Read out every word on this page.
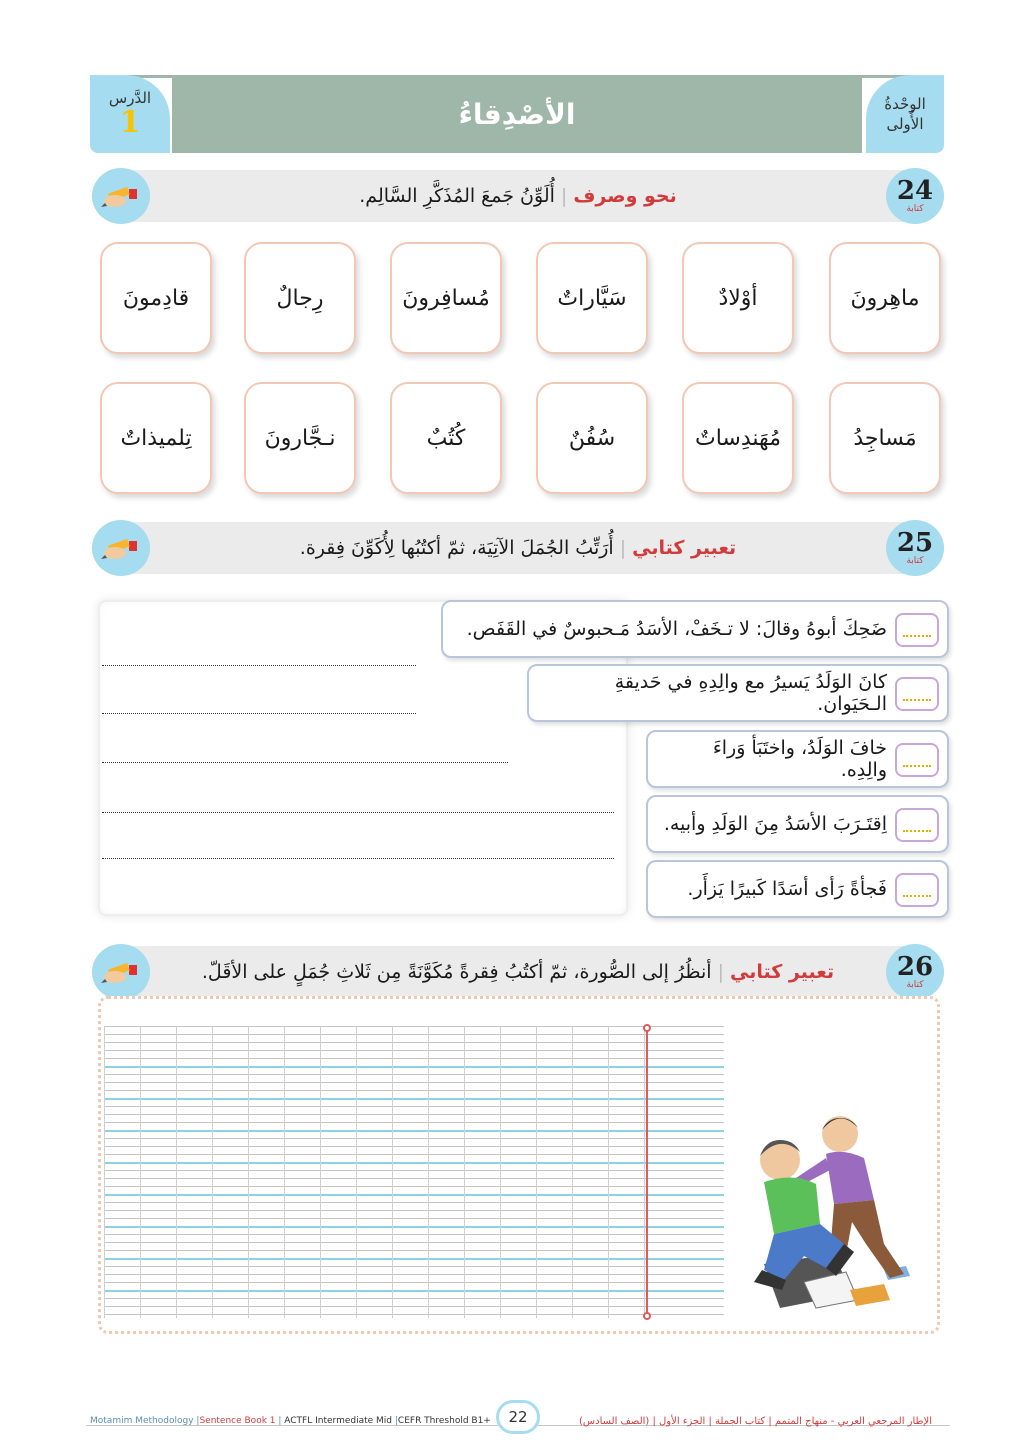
الدَّرس
1	الأصْدِقاءُ	الوحْدةُ
الأُولى
نحو وصرف
|
أُلَوِّنُ جَمعَ المُذَكَّرِ السَّالِم.	24
كتابة
ماهِرونَ
أوْلادٌ
سَيَّاراتٌ
مُسافِرونَ
رِجالٌ
قادِمونَ
مَساجِدُ
مُهَندِساتٌ
سُفُنٌ
كُتُبٌ
نـجَّارونَ
تِلميذاتٌ
تعبير كتابي
|
أُرَتِّبُ الجُمَلَ الآتِيَة، ثمّ أكتُبُها لِأُكَوِّنَ فِقرة.	25
كتابة
ضَحِكَ أبوهُ وقالَ: لا تـخَفْ، الأسَدُ مَـحبوسٌ في القَفَص.
كانَ الوَلَدُ يَسيرُ مع والِدِهِ في حَديقةِ الـحَيَوان.
خافَ الوَلَدُ، واختَبَأ وَراءَ والِدِه.
اِقتَـرَبَ الأسَدُ مِنَ الوَلَدِ وأبيه.
فَجأةً رَأى أسَدًا كَبيرًا يَزأَر.
تعبير كتابي
|
أنظُرُ إلى الصُّورة، ثمّ أكتُبُ فِقرةً مُكَوَّنَةً مِن ثَلاثِ جُمَلٍ على الأقَلّ.	26
كتابة
Motamim Methodology |Sentence Book 1 | ACTFL Intermediate Mid |CEFR Threshold B1+	22	الإطار المرجعي العربي - منهاج المتمم | كتاب الجملة | الجزء الأول | (الصف السادس)
